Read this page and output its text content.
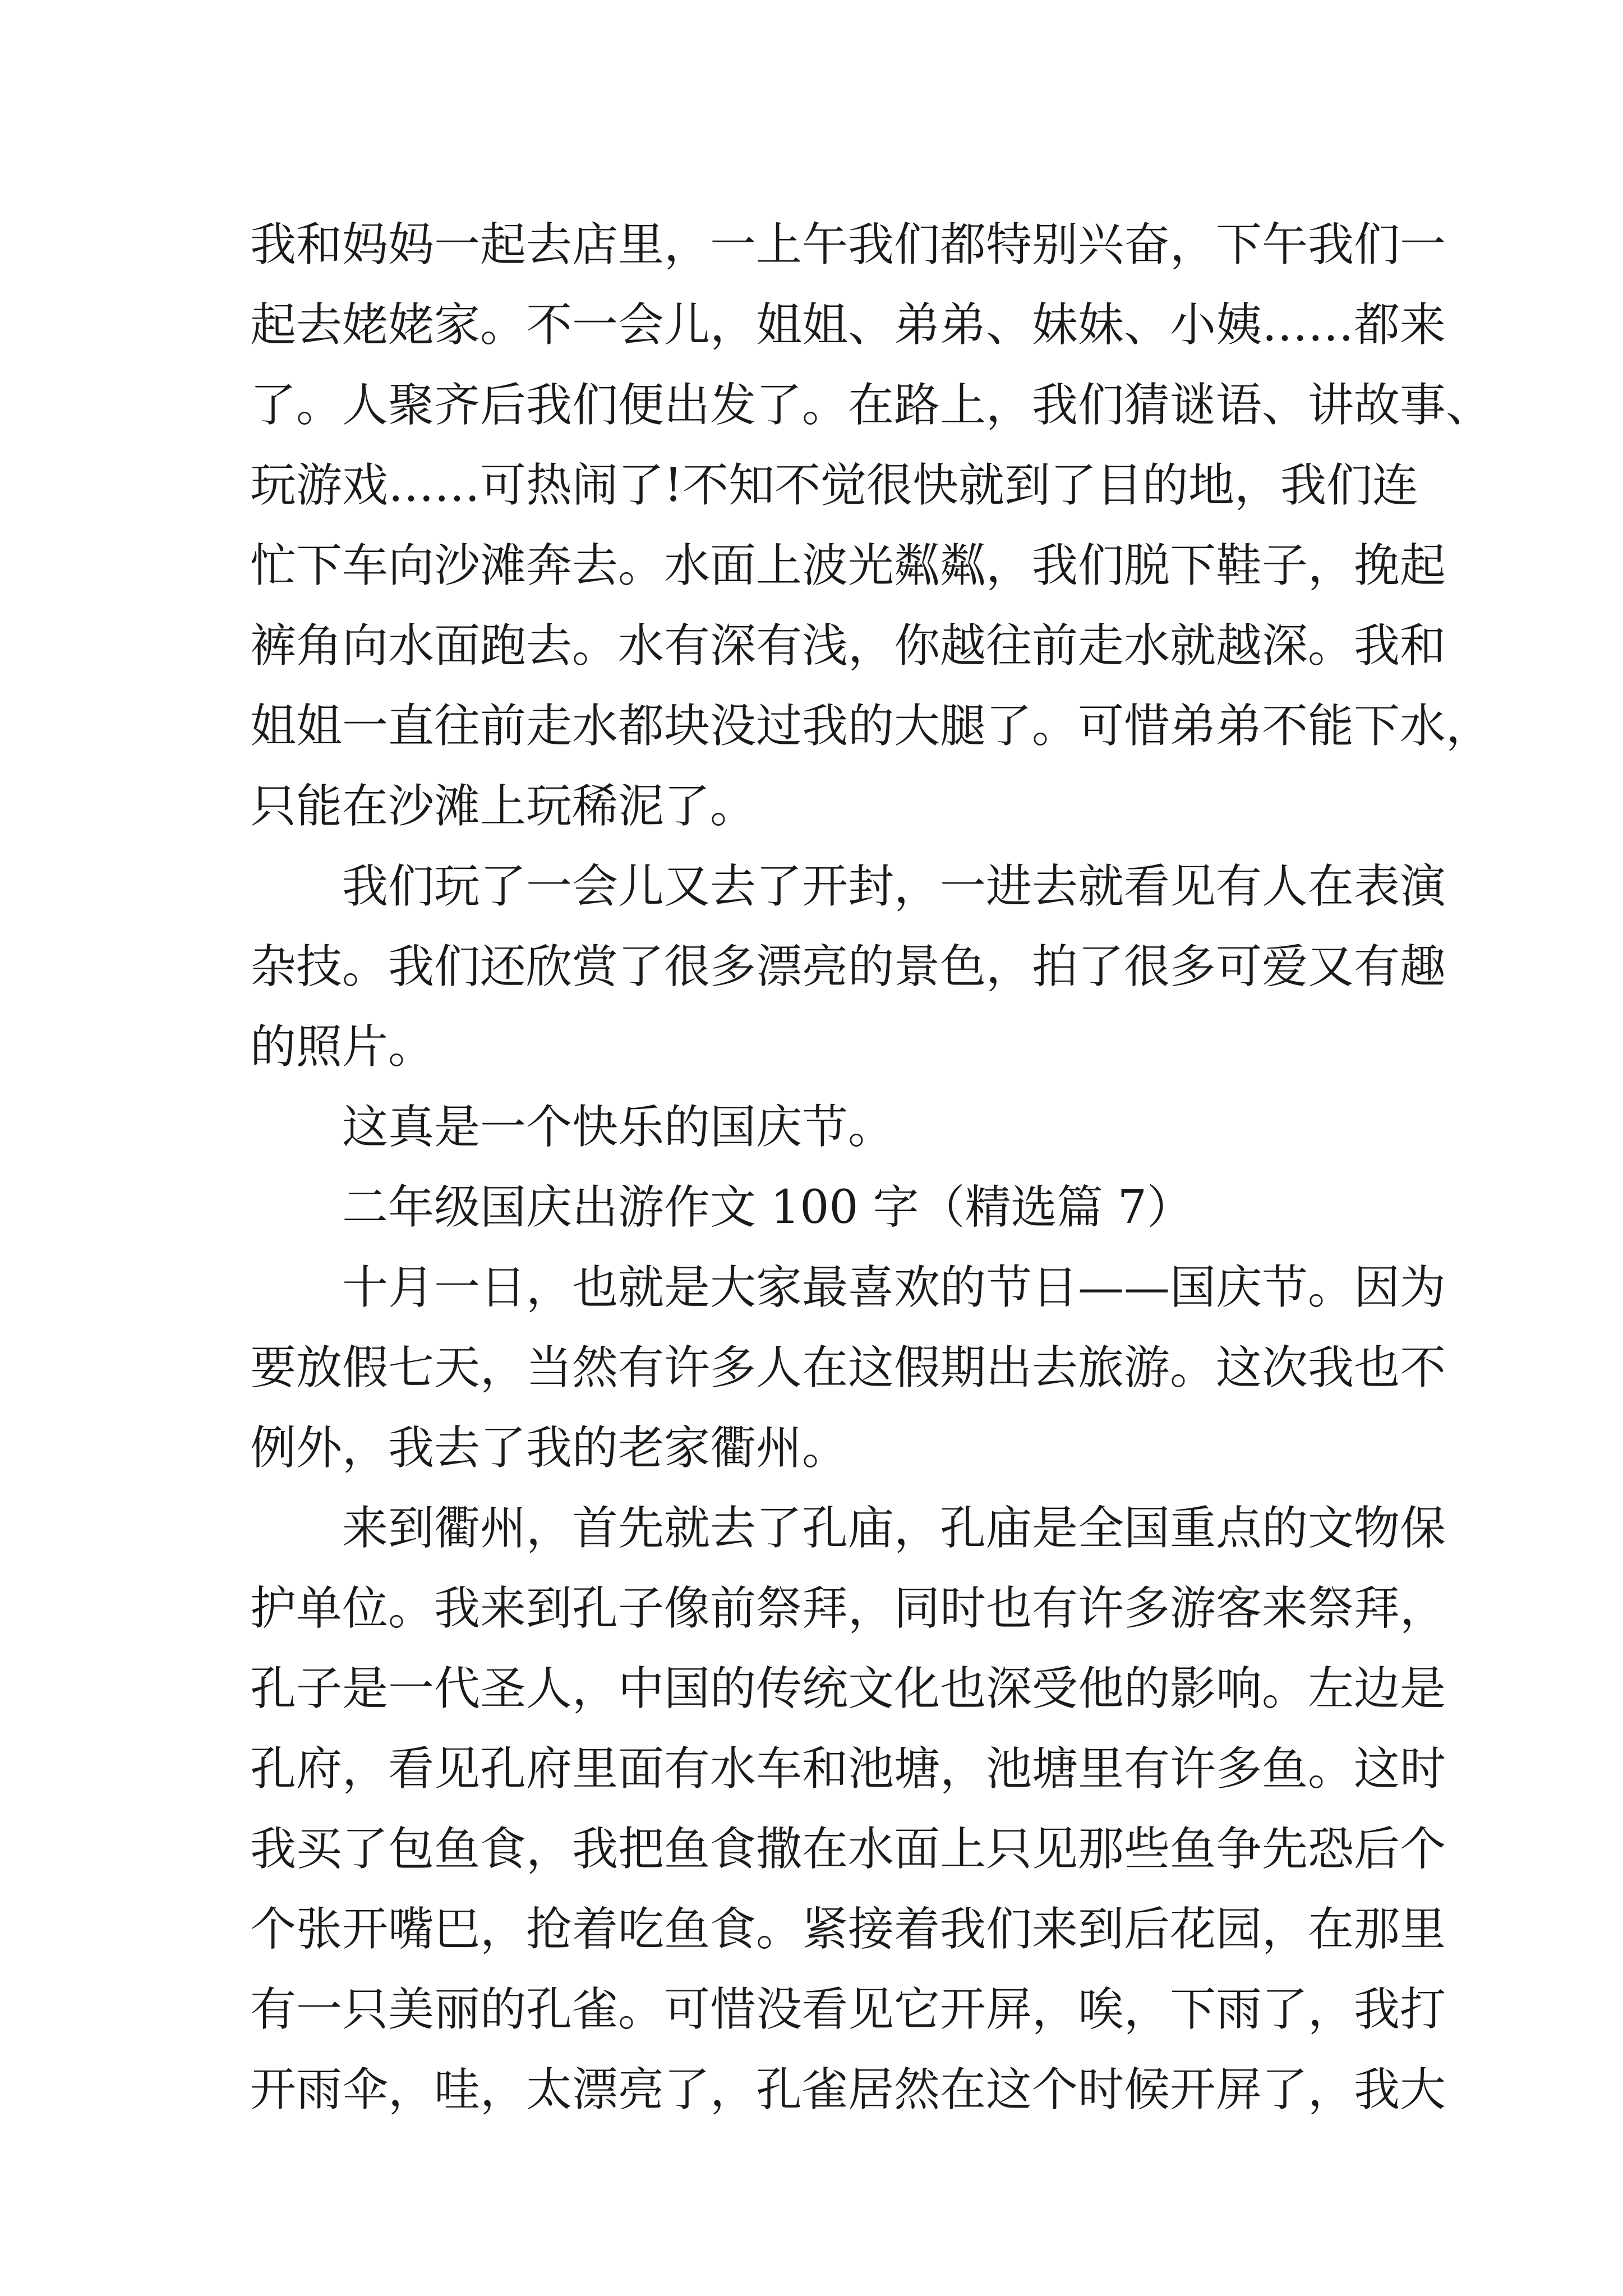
我和妈妈一起去店里，一上午我们都特别兴奋，下午我们一
起去姥姥家。不一会儿，姐姐、弟弟、妹妹、小姨……都来
了。人聚齐后我们便出发了。在路上，我们猜谜语、讲故事、
玩游戏……可热闹了!不知不觉很快就到了目的地，我们连
忙下车向沙滩奔去。水面上波光粼粼，我们脱下鞋子，挽起
裤角向水面跑去。水有深有浅，你越往前走水就越深。我和
姐姐一直往前走水都块没过我的大腿了。可惜弟弟不能下水，
只能在沙滩上玩稀泥了。
我们玩了一会儿又去了开封，一进去就看见有人在表演
杂技。我们还欣赏了很多漂亮的景色，拍了很多可爱又有趣
的照片。
这真是一个快乐的国庆节。
二年级国庆出游作文 100 字（精选篇 7）
十月一日，也就是大家最喜欢的节日——国庆节。因为
要放假七天，当然有许多人在这假期出去旅游。这次我也不
例外，我去了我的老家衢州。
来到衢州，首先就去了孔庙，孔庙是全国重点的文物保
护单位。我来到孔子像前祭拜，同时也有许多游客来祭拜，
孔子是一代圣人，中国的传统文化也深受他的影响。左边是
孔府，看见孔府里面有水车和池塘，池塘里有许多鱼。这时
我买了包鱼食，我把鱼食撒在水面上只见那些鱼争先恐后个
个张开嘴巴，抢着吃鱼食。紧接着我们来到后花园，在那里
有一只美丽的孔雀。可惜没看见它开屏，唉，下雨了，我打
开雨伞，哇，太漂亮了，孔雀居然在这个时候开屏了，我大
